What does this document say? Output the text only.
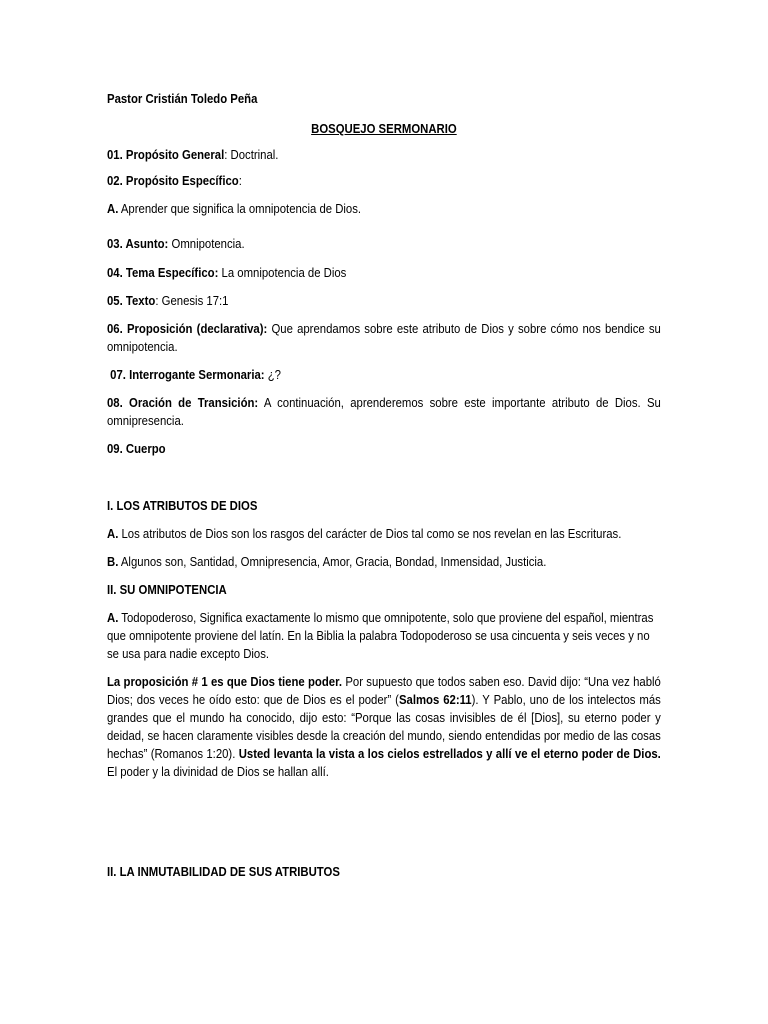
Pastor Cristián Toledo Peña

BOSQUEJO SERMONARIO

01. Propósito General: Doctrinal.

02. Propósito Específico:

A. Aprender que significa la omnipotencia de Dios.

03. Asunto: Omnipotencia.

04. Tema Específico: La omnipotencia de Dios

05. Texto: Genesis 17:1

06. Proposición (declarativa): Que aprendamos sobre este atributo de Dios y sobre cómo nos bendice su omnipotencia.

07. Interrogante Sermonaria: ¿?

08. Oración de Transición: A continuación, aprenderemos sobre este importante atributo de Dios. Su omnipresencia.

09. Cuerpo

I. LOS ATRIBUTOS DE DIOS

A. Los atributos de Dios son los rasgos del carácter de Dios tal como se nos revelan en las Escrituras.

B. Algunos son, Santidad, Omnipresencia, Amor, Gracia, Bondad, Inmensidad, Justicia.

II. SU OMNIPOTENCIA

A. Todopoderoso, Significa exactamente lo mismo que omnipotente, solo que proviene del español, mientras que omnipotente proviene del latín. En la Biblia la palabra Todopoderoso se usa cincuenta y seis veces y no se usa para nadie excepto Dios.

La proposición # 1 es que Dios tiene poder. Por supuesto que todos saben eso. David dijo: “Una vez habló Dios; dos veces he oído esto: que de Dios es el poder” (Salmos 62:11). Y Pablo, uno de los intelectos más grandes que el mundo ha conocido, dijo esto: “Porque las cosas invisibles de él [Dios], su eterno poder y deidad, se hacen claramente visibles desde la creación del mundo, siendo entendidas por medio de las cosas hechas” (Romanos 1:20). Usted levanta la vista a los cielos estrellados y allí ve el eterno poder de Dios. El poder y la divinidad de Dios se hallan allí.

II. LA INMUTABILIDAD DE SUS ATRIBUTOS
